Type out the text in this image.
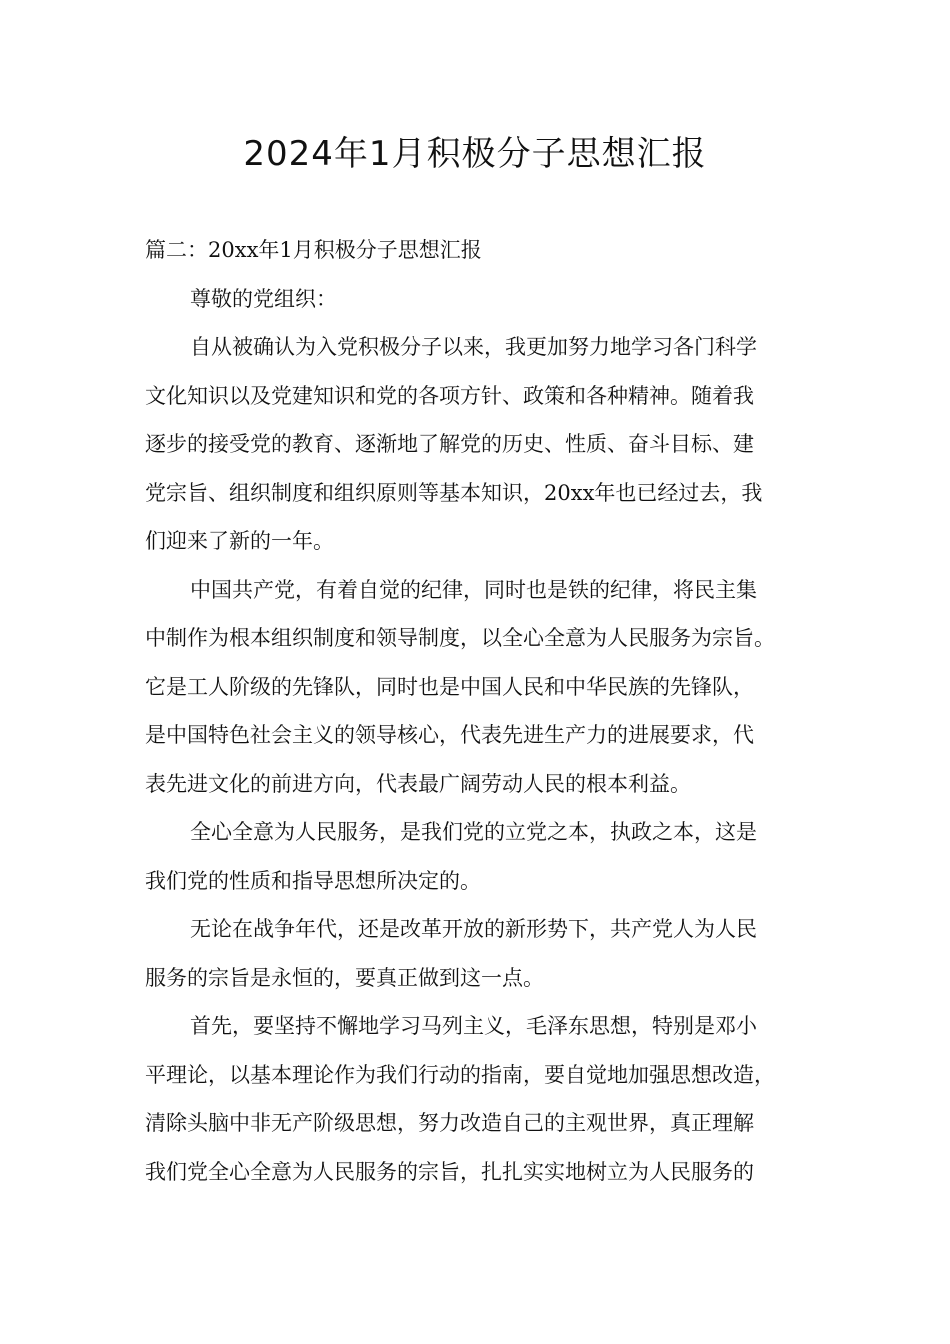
2024年1月积极分子思想汇报
篇二：20xx年1月积极分子思想汇报
尊敬的党组织：
自从被确认为入党积极分子以来，我更加努力地学习各门科学
文化知识以及党建知识和党的各项方针、政策和各种精神。随着我
逐步的接受党的教育、逐渐地了解党的历史、性质、奋斗目标、建
党宗旨、组织制度和组织原则等基本知识，20xx年也已经过去，我
们迎来了新的一年。
中国共产党，有着自觉的纪律，同时也是铁的纪律，将民主集
中制作为根本组织制度和领导制度，以全心全意为人民服务为宗旨。
它是工人阶级的先锋队，同时也是中国人民和中华民族的先锋队，
是中国特色社会主义的领导核心，代表先进生产力的进展要求，代
表先进文化的前进方向，代表最广阔劳动人民的根本利益。
全心全意为人民服务，是我们党的立党之本，执政之本，这是
我们党的性质和指导思想所决定的。
无论在战争年代，还是改革开放的新形势下，共产党人为人民
服务的宗旨是永恒的，要真正做到这一点。
首先，要坚持不懈地学习马列主义，毛泽东思想，特别是邓小
平理论，以基本理论作为我们行动的指南，要自觉地加强思想改造，
清除头脑中非无产阶级思想，努力改造自己的主观世界，真正理解
我们党全心全意为人民服务的宗旨，扎扎实实地树立为人民服务的
